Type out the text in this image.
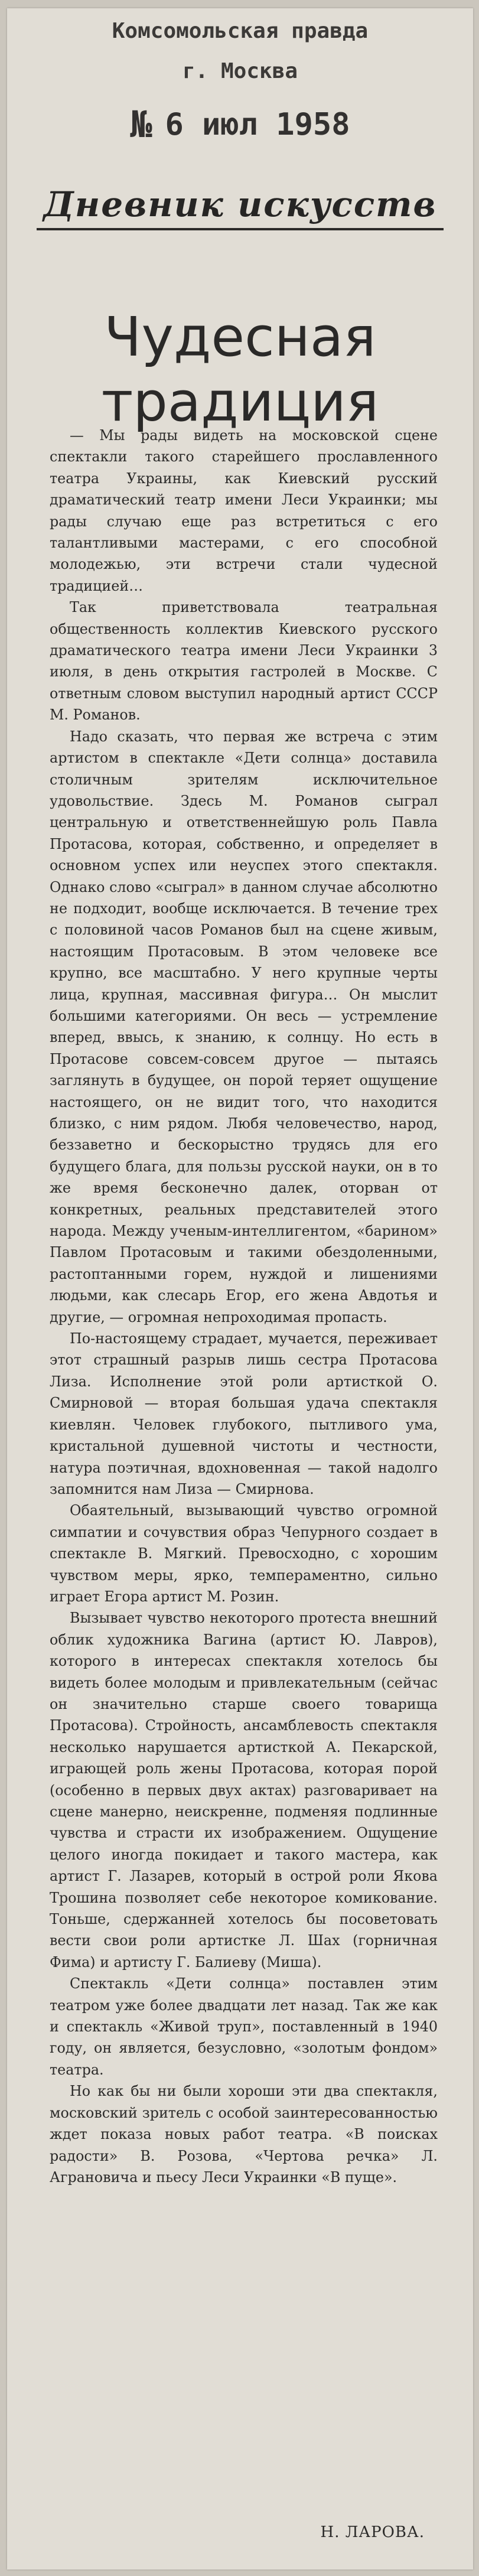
Комсомольская правда
г. Москва
№ 6 июл 1958
Дневник искусств
Чудесная
традиция

— Мы рады видеть на московской сцене спектакли такого старейшего прославленного театра Украины, как Киевский русский драматический театр имени Леси Украинки; мы рады случаю еще раз встретиться с его талантливыми мастерами, с его способной молодежью, эти встречи стали чудесной традицией…

Так приветствовала театральная общественность коллектив Киевского русского драматического театра имени Леси Украинки 3 июля, в день открытия гастролей в Москве. С ответным словом выступил народный артист СССР М. Романов.

Надо сказать, что первая же встреча с этим артистом в спектакле «Дети солнца» доставила столичным зрителям исключительное удовольствие. Здесь М. Романов сыграл центральную и ответственнейшую роль Павла Протасова, которая, собственно, и определяет в основном успех или неуспех этого спектакля. Однако слово «сыграл» в данном случае абсолютно не подходит, вообще исключается. В течение трех с половиной часов Романов был на сцене живым, настоящим Протасовым. В этом человеке все крупно, все масштабно. У него крупные черты лица, крупная, массивная фигура… Он мыслит большими категориями. Он весь — устремление вперед, ввысь, к знанию, к солнцу. Но есть в Протасове совсем-совсем другое — пытаясь заглянуть в будущее, он порой теряет ощущение настоящего, он не видит того, что находится близко, с ним рядом. Любя человечество, народ, беззаветно и бескорыстно трудясь для его будущего блага, для пользы русской науки, он в то же время бесконечно далек, оторван от конкретных, реальных представителей этого народа. Между ученым-интеллигентом, «барином» Павлом Протасовым и такими обездоленными, растоптанными горем, нуждой и лишениями людьми, как слесарь Егор, его жена Авдотья и другие, — огромная непроходимая пропасть.

По-настоящему страдает, мучается, переживает этот страшный разрыв лишь сестра Протасова Лиза. Исполнение этой роли артисткой О. Смирновой — вторая большая удача спектакля киевлян. Человек глубокого, пытливого ума, кристальной душевной чистоты и честности, натура поэтичная, вдохновенная — такой надолго запомнится нам Лиза — Смирнова.

Обаятельный, вызывающий чувство огромной симпатии и сочувствия образ Чепурного создает в спектакле В. Мягкий. Превосходно, с хорошим чувством меры, ярко, темпераментно, сильно играет Егора артист М. Розин.

Вызывает чувство некоторого протеста внешний облик художника Вагина (артист Ю. Лавров), которого в интересах спектакля хотелось бы видеть более молодым и привлекательным (сейчас он значительно старше своего товарища Протасова). Стройность, ансамблевость спектакля несколько нарушается артисткой А. Пекарской, играющей роль жены Протасова, которая порой (особенно в первых двух актах) разговаривает на сцене манерно, неискренне, подменяя подлинные чувства и страсти их изображением. Ощущение целого иногда покидает и такого мастера, как артист Г. Лазарев, который в острой роли Якова Трошина позволяет себе некоторое комикование. Тоньше, сдержанней хотелось бы посоветовать вести свои роли артистке Л. Шах (горничная Фима) и артисту Г. Балиеву (Миша).

Спектакль «Дети солнца» поставлен этим театром уже более двадцати лет назад. Так же как и спектакль «Живой труп», поставленный в 1940 году, он является, безусловно, «золотым фондом» театра.

Но как бы ни были хороши эти два спектакля, московский зритель с особой заинтересованностью ждет показа новых работ театра. «В поисках радости» В. Розова, «Чертова речка» Л. Аграновича и пьесу Леси Украинки «В пуще».

Н. ЛАРОВА.
